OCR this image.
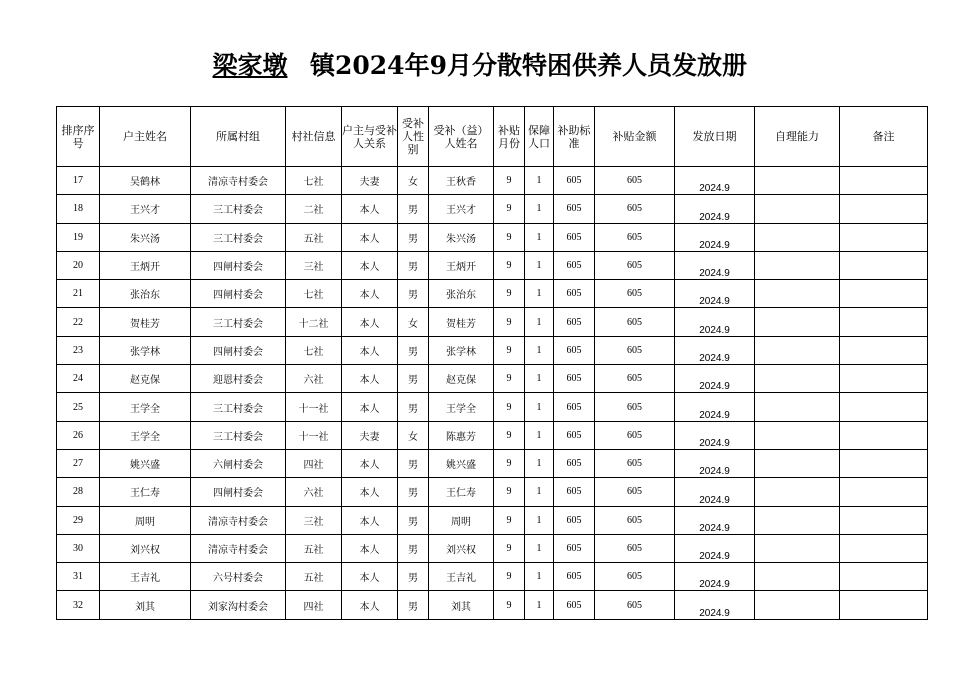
梁家墩 镇2024年9月分散特困供养人员发放册
排序序号	户主姓名	所属村组	村社信息	户主与受补人关系	受补人性别	受补（益）人姓名	补贴月份	保障人口	补助标准	补贴金额	发放日期	自理能力	备注
17	吴鹤林	清凉寺村委会	七社	夫妻	女	王秋香	9	1	605	605	2024.9		
18	王兴才	三工村委会	二社	本人	男	王兴才	9	1	605	605	2024.9		
19	朱兴汤	三工村委会	五社	本人	男	朱兴汤	9	1	605	605	2024.9		
20	王炳开	四闸村委会	三社	本人	男	王炳开	9	1	605	605	2024.9		
21	张治东	四闸村委会	七社	本人	男	张治东	9	1	605	605	2024.9		
22	贺桂芳	三工村委会	十二社	本人	女	贺桂芳	9	1	605	605	2024.9		
23	张学林	四闸村委会	七社	本人	男	张学林	9	1	605	605	2024.9		
24	赵克保	迎恩村委会	六社	本人	男	赵克保	9	1	605	605	2024.9		
25	王学全	三工村委会	十一社	本人	男	王学全	9	1	605	605	2024.9		
26	王学全	三工村委会	十一社	夫妻	女	陈惠芳	9	1	605	605	2024.9		
27	姚兴盛	六闸村委会	四社	本人	男	姚兴盛	9	1	605	605	2024.9		
28	王仁寿	四闸村委会	六社	本人	男	王仁寿	9	1	605	605	2024.9		
29	周明	清凉寺村委会	三社	本人	男	周明	9	1	605	605	2024.9		
30	刘兴权	清凉寺村委会	五社	本人	男	刘兴权	9	1	605	605	2024.9		
31	王吉礼	六号村委会	五社	本人	男	王吉礼	9	1	605	605	2024.9		
32	刘其	刘家沟村委会	四社	本人	男	刘其	9	1	605	605	2024.9		
